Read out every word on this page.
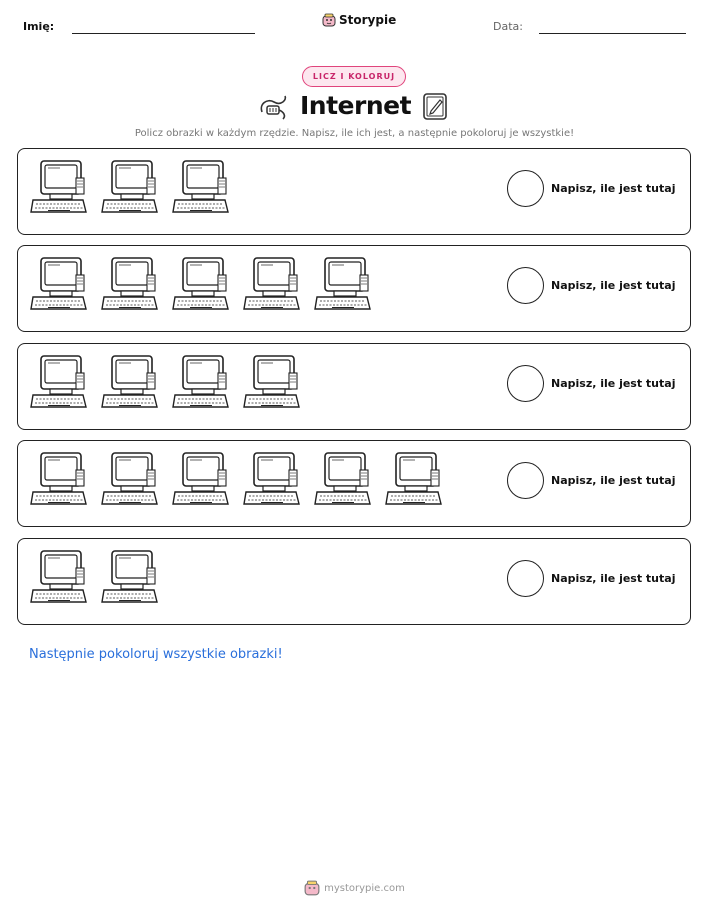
Imię:	Storypie	Data:
LICZ I KOLORUJ
Internet
Policz obrazki w każdym rzędzie. Napisz, ile ich jest, a następnie pokoloruj je wszystkie!
Napisz, ile jest tutaj
Napisz, ile jest tutaj
Napisz, ile jest tutaj
Napisz, ile jest tutaj
Napisz, ile jest tutaj
Następnie pokoloruj wszystkie obrazki!
mystorypie.com
